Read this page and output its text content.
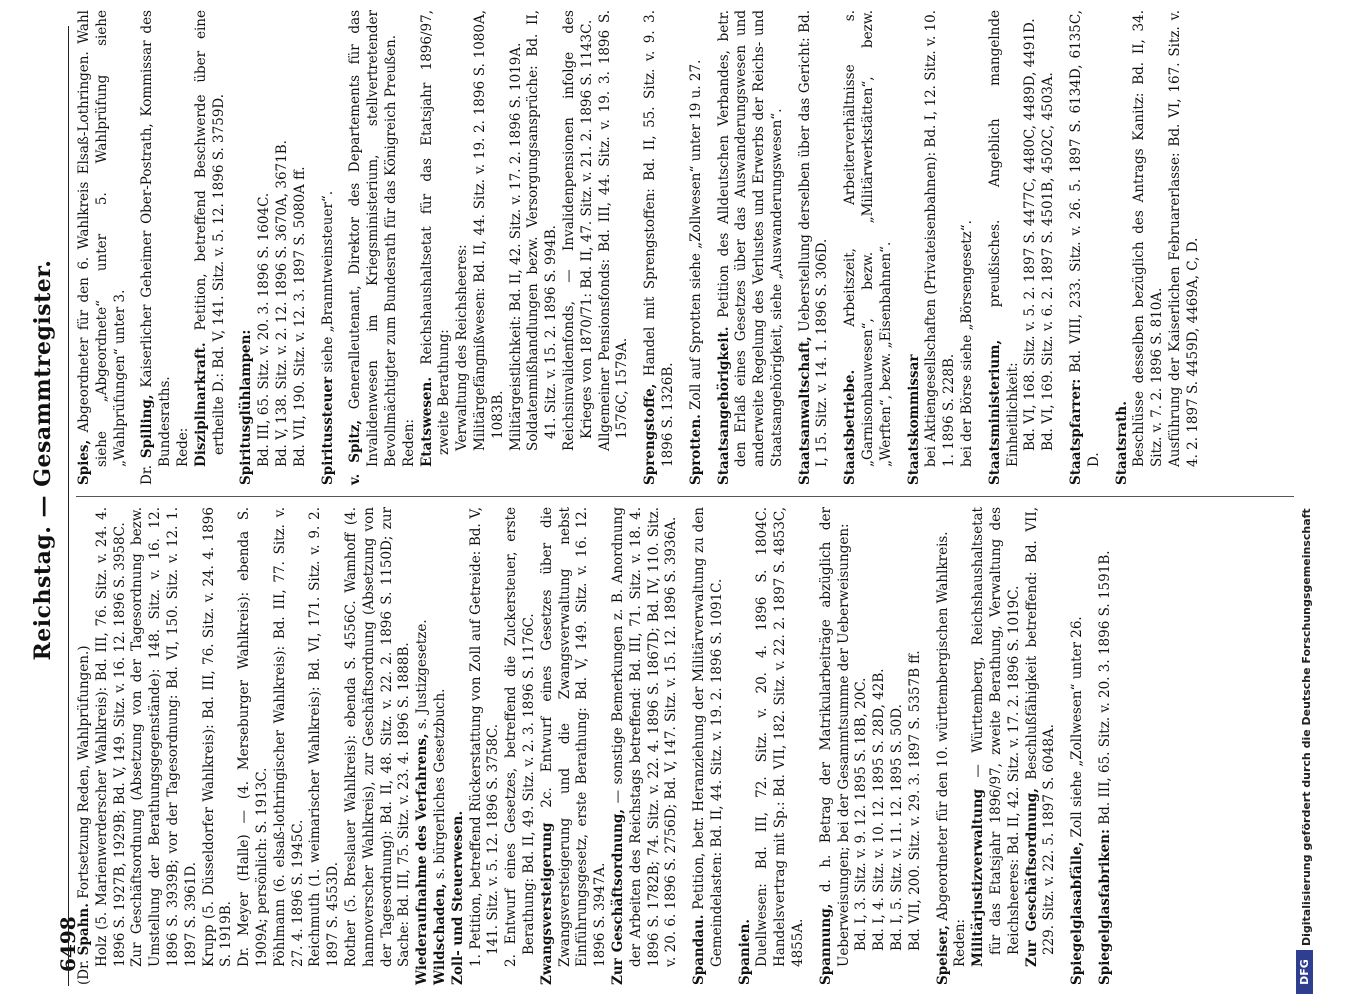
6498
Reichstag. — Gesammtregister.

(Dr. Spahn. Fortsetzung Reden, Wahlprüfungen.) Holz (5. Marienwerderscher Wahlkreis): Bd. III, 76. Sitz. v. 24. 4. 1896 S. 1927B, 1929B; Bd. V, 149. Sitz. v. 16. 12. 1896 S. 3958C. Zur Geschäftsordnung (Absetzung von der Tagesordnung bezw. Umstellung der Berathungsgegenstände): 148. Sitz. v. 16. 12. 1896 S. 3939B; vor der Tagesordnung: Bd. VI, 150. Sitz. v. 12. 1. 1897 S. 3961D. Krupp (5. Düsseldorfer Wahlkreis): Bd. III, 76. Sitz. v. 24. 4. 1896 S. 1919B. Dr. Meyer (Halle) — (4. Merseburger Wahlkreis): ebenda S. 1909A; persönlich: S. 1913C. Pöhlmann (6. elsaß-lothringischer Wahlkreis): Bd. III, 77. Sitz. v. 27. 4. 1896 S. 1945C. Reichmuth (1. weimarischer Wahlkreis): Bd. VI, 171. Sitz. v. 9. 2. 1897 S. 4553D. Rother (5. Breslauer Wahlkreis): ebenda S. 4556C. Wamhoff (4. hannoverscher Wahlkreis), zur Geschäftsordnung (Absetzung von der Tagesordnung): Bd. II, 48. Sitz. v. 22. 2. 1896 S. 1150D; zur Sache: Bd. III, 75. Sitz. v. 23. 4. 1896 S. 1888B. Wiederaufnahme des Verfahrens, s. Justizgesetze.

Wildschaden, s. bürgerliches Gesetzbuch.

Zoll- und Steuerwesen. 1. Petition, betreffend Rückerstattung von Zoll auf Getreide: Bd. V, 141. Sitz. v. 5. 12. 1896 S. 3758C. 2. Entwurf eines Gesetzes, betreffend die Zuckersteuer, erste Berathung: Bd. II, 49. Sitz. v. 2. 3. 1896 S. 1176C. Zwangsversteigerung 2c. Entwurf eines Gesetzes über die Zwangsversteigerung und die Zwangsverwaltung nebst Einführungsgesetz, erste Berathung: Bd. V, 149. Sitz. v. 16. 12. 1896 S. 3947A. Zur Geschäftsordnung, — sonstige Bemerkungen z. B. Anordnung der Arbeiten des Reichstags betreffend: Bd. III, 71. Sitz. v. 18. 4. 1896 S. 1782B; 74. Sitz. v. 22. 4. 1896 S. 1867D; Bd. IV, 110. Sitz. v. 20. 6. 1896 S. 2756D; Bd. V, 147. Sitz. v. 15. 12. 1896 S. 3936A. Spandau. Petition, betr. Heranziehung der Militärverwaltung zu den Gemeindelasten: Bd. II, 44. Sitz. v. 19. 2. 1896 S. 1091C. Spanien. Duellwesen: Bd. III, 72. Sitz. v. 20. 4. 1896 S. 1804C. Handelsvertrag mit Sp.: Bd. VII, 182. Sitz. v. 22. 2. 1897 S. 4853C, 4855A. Spannung, d. h. Betrag der Matrikularbeiträge abzüglich der Ueberweisungen; bei der Gesammtsumme der Ueberweisungen: Bd. I, 3. Sitz. v. 9. 12. 1895 S. 18B, 20C. Bd. I, 4. Sitz. v. 10. 12. 1895 S. 28D, 42B. Bd. I, 5. Sitz. v. 11. 12. 1895 S. 50D. Bd. VII, 200. Sitz. v. 29. 3. 1897 S. 5357B ff.

Speiser, Abgeordneter für den 10. württembergischen Wahlkreis.

Reden: Militärjustizverwaltung — Württemberg, Reichshaushaltsetat für das Etatsjahr 1896/97, zweite Berathung, Verwaltung des Reichsheeres: Bd. II, 42. Sitz. v. 17. 2. 1896 S. 1019C. Zur Geschäftsordnung, Beschlußfähigkeit betreffend: Bd. VII, 229. Sitz. v. 22. 5. 1897 S. 6048A. Spiegelglasabfälle, Zoll siehe „Zollwesen“ unter 26.

Spiegelglasfabriken: Bd. III, 65. Sitz. v. 20. 3. 1896 S. 1591B.

Spies, Abgeordneter für den 6. Wahlkreis Elsaß-Lothringen. Wahl siehe „Abgeordnete“ unter 5. Wahlprüfung siehe „Wahlprüfungen“ unter 3.

Dr. Spilling, Kaiserlicher Geheimer Ober-Postrath, Kommissar des Bundesraths. Rede: Disziplinarkraft. Petition, betreffend Beschwerde über eine ertheilte D.: Bd. V, 141. Sitz. v. 5. 12. 1896 S. 3759D. Spiritusglühlampen: Bd. III, 65. Sitz. v. 20. 3. 1896 S. 1604C. Bd. V, 138. Sitz. v. 2. 12. 1896 S. 3670A, 3671B. Bd. VII, 190. Sitz. v. 12. 3. 1897 S. 5080A ff. Spiritussteuer siehe „Branntweinsteuer“.

v. Spitz, Generalleutenant, Direktor des Departements für das Invalidenwesen im Kriegsministerium, stellvertretender Bevollmächtigter zum Bundesrath für das Königreich Preußen. Reden: Etatswesen. Reichshaushaltsetat für das Etatsjahr 1896/97, zweite Berathung: Verwaltung des Reichsheeres: Militärgefängnißwesen: Bd. II, 44. Sitz. v. 19. 2. 1896 S. 1080A, 1083B. Militärgeistlichkeit: Bd. II, 42. Sitz. v. 17. 2. 1896 S. 1019A. Soldatenmißhandlungen bezw. Versorgungsansprüche: Bd. II, 41. Sitz. v. 15. 2. 1896 S. 994B. Reichsinvalidenfonds, — Invalidenpensionen infolge des Krieges von 1870/71: Bd. II, 47. Sitz. v. 21. 2. 1896 S. 1143C. Allgemeiner Pensionsfonds: Bd. III, 44. Sitz. v. 19. 3. 1896 S. 1576C, 1579A. Sprengstoffe, Handel mit Sprengstoffen: Bd. II, 55. Sitz. v. 9. 3. 1896 S. 1326B. Sprotten. Zoll auf Sprotten siehe „Zollwesen“ unter 19 u. 27. Staatsangehörigkeit. Petition des Alldeutschen Verbandes, betr. den Erlaß eines Gesetzes über das Auswanderungswesen und anderweite Regelung des Verlustes und Erwerbs der Reichs- und Staatsangehörigkeit, siehe „Auswanderungswesen“. Staatsanwaltschaft, Ueberstellung derselben über das Gericht: Bd. I, 15. Sitz. v. 14. 1. 1896 S. 306D. Staatsbetriebe. Arbeitszeit, Arbeiterverhältnisse s. „Garnisonbauwesen“, bezw. „Militärwerkstätten“, bezw. „Werften“, bezw. „Eisenbahnen“. Staatskommissar bei Aktiengesellschaften (Privateisenbahnen): Bd. I, 12. Sitz. v. 10. 1. 1896 S. 228B. bei der Börse siehe „Börsengesetz“. Staatsministerium, preußisches. Angeblich mangelnde Einheitlichkeit: Bd. VI, 168. Sitz. v. 5. 2. 1897 S. 4477C, 4480C, 4489D, 4491D. Bd. VI, 169. Sitz. v. 6. 2. 1897 S. 4501B, 4502C, 4503A. Staatspfarrer: Bd. VIII, 233. Sitz. v. 26. 5. 1897 S. 6134D, 6135C, D. Staatsrath. Beschlüsse desselben bezüglich des Antrags Kanitz: Bd. II, 34. Sitz. v. 7. 2. 1896 S. 810A. Ausführung der Kaiserlichen Februarerlasse: Bd. VI, 167. Sitz. v. 4. 2. 1897 S. 4459D, 4469A, C, D.

DFG
Digitalisierung gefördert durch die Deutsche Forschungsgemeinschaft
